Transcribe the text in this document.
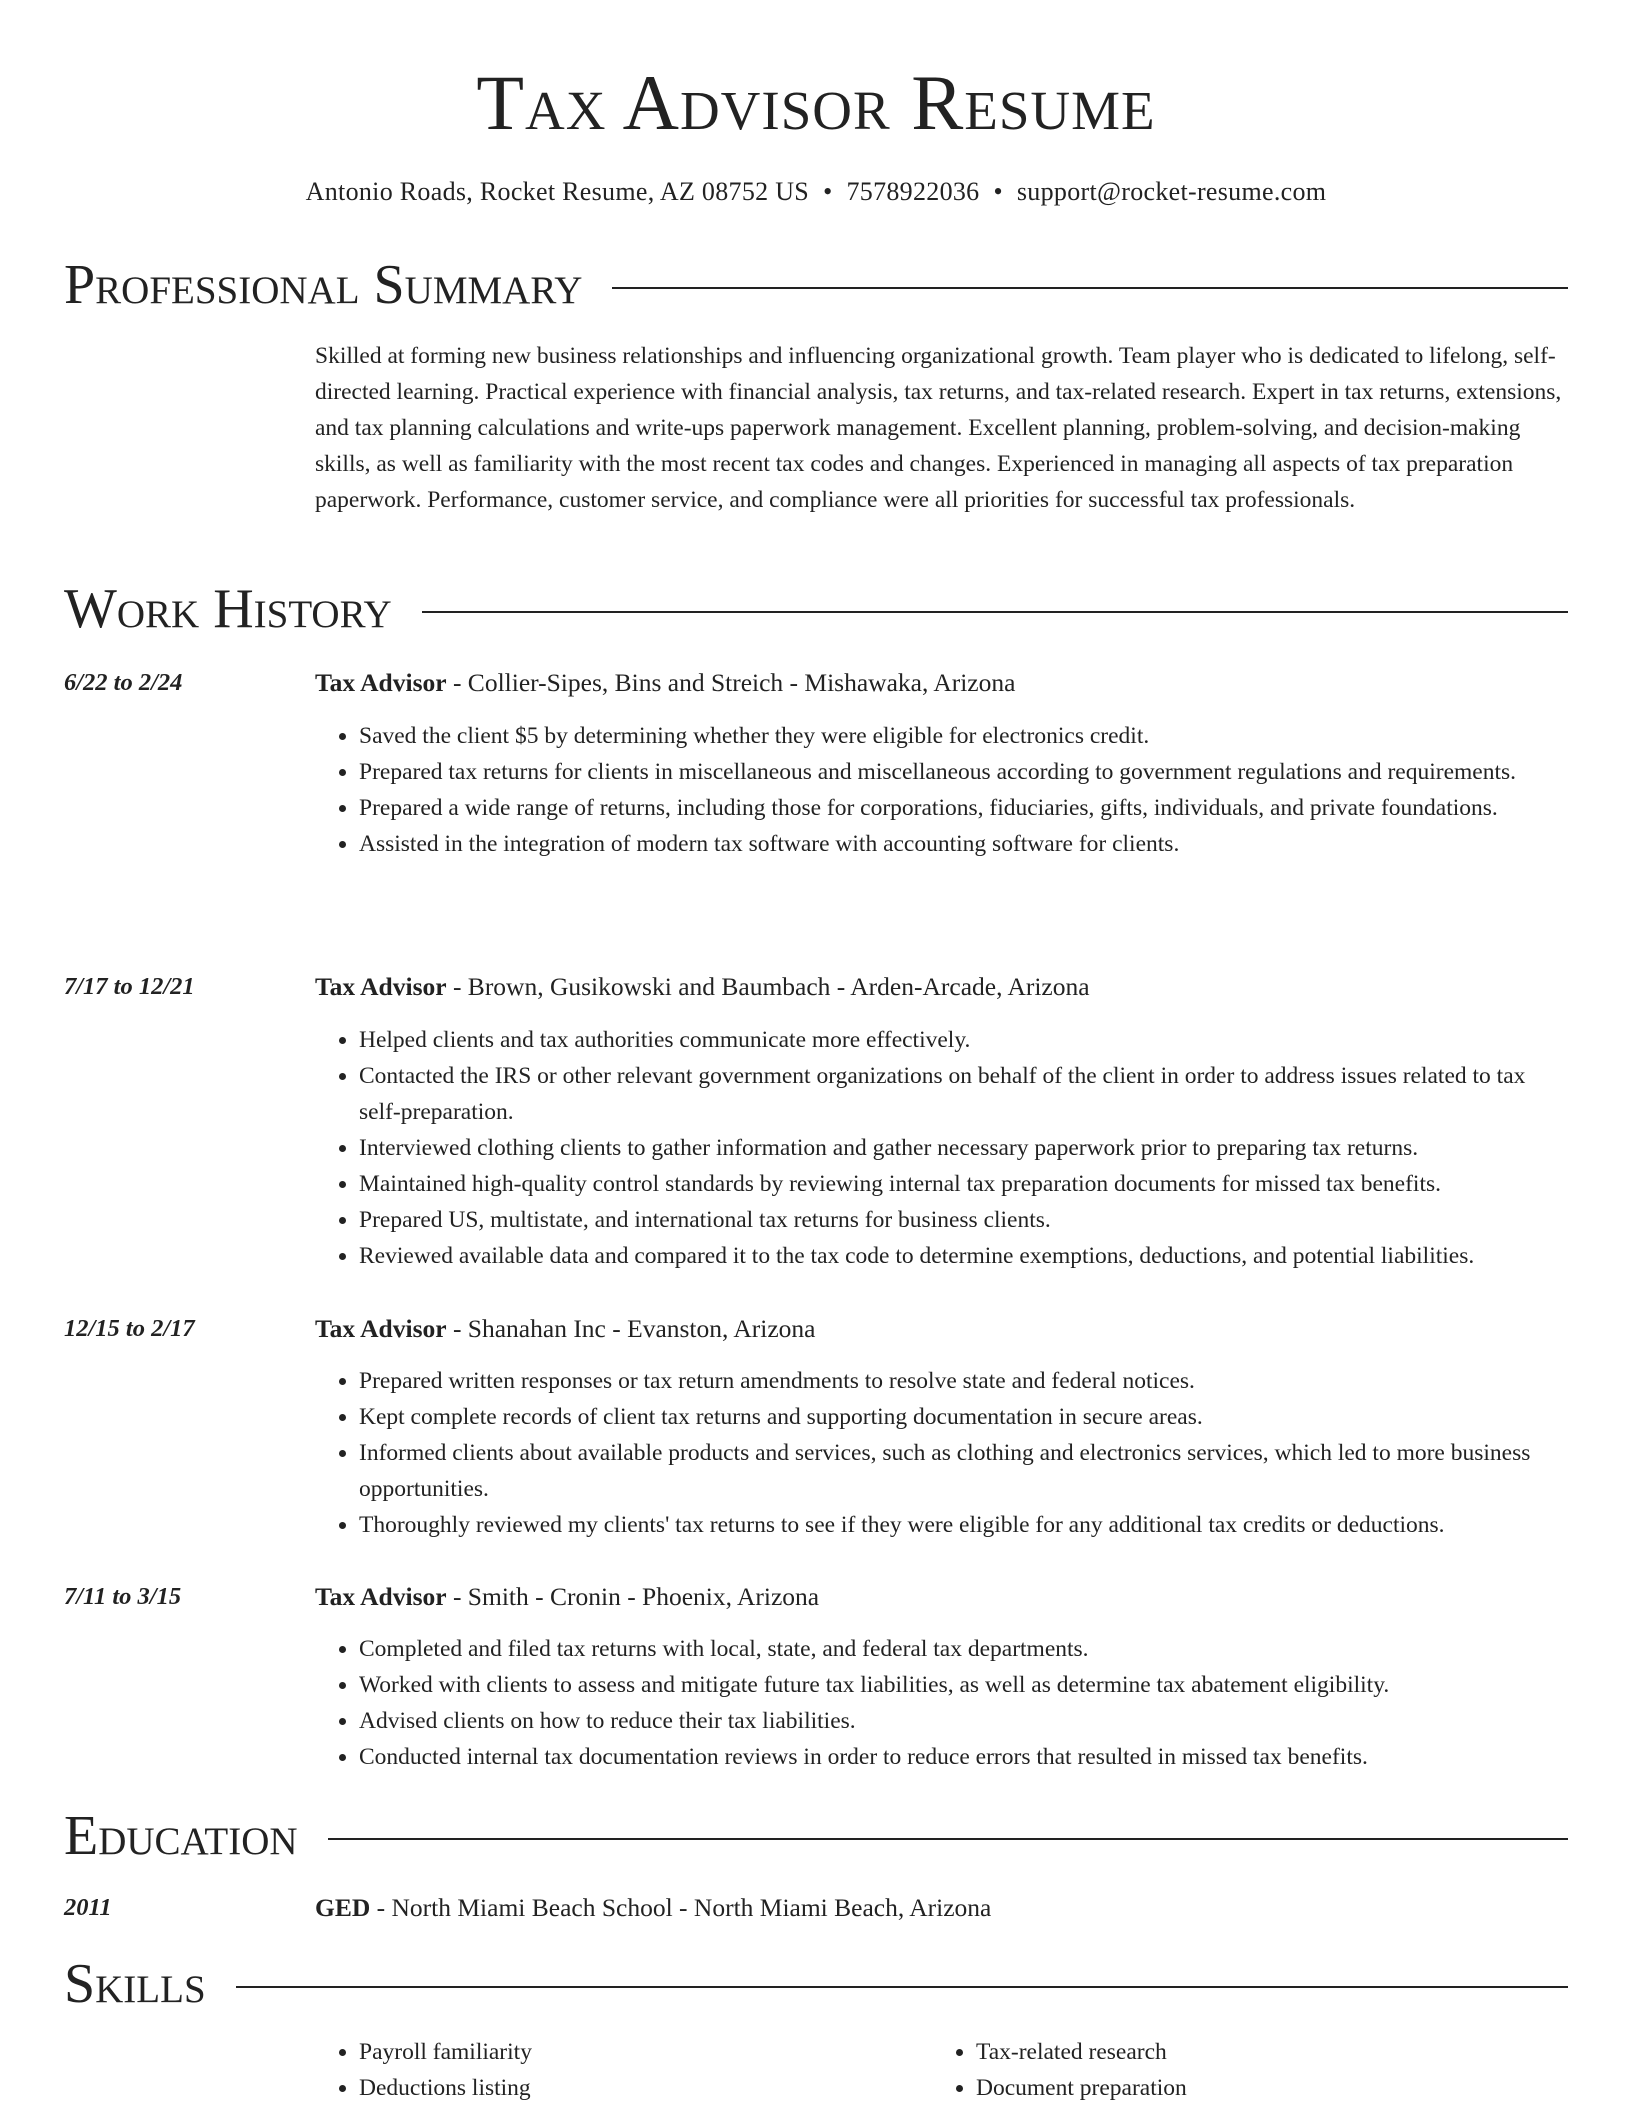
Tax Advisor Resume
Antonio Roads, Rocket Resume, AZ 08752 US • 7578922036 • support@rocket-resume.com
Professional Summary

Skilled at forming new business relationships and influencing organizational growth. Team player who is dedicated to lifelong, self-directed learning. Practical experience with financial analysis, tax returns, and tax-related research. Expert in tax returns, extensions, and tax planning calculations and write-ups paperwork management. Excellent planning, problem-solving, and decision-making skills, as well as familiarity with the most recent tax codes and changes. Experienced in managing all aspects of tax preparation paperwork. Performance, customer service, and compliance were all priorities for successful tax professionals.

Work History
6/22 to 2/24	Tax Advisor - Collier-Sipes, Bins and Streich - Mishawaka, Arizona
• Saved the client $5 by determining whether they were eligible for electronics credit.
• Prepared tax returns for clients in miscellaneous and miscellaneous according to government regulations and requirements.
• Prepared a wide range of returns, including those for corporations, fiduciaries, gifts, individuals, and private foundations.
• Assisted in the integration of modern tax software with accounting software for clients.
7/17 to 12/21	Tax Advisor - Brown, Gusikowski and Baumbach - Arden-Arcade, Arizona
• Helped clients and tax authorities communicate more effectively.
• Contacted the IRS or other relevant government organizations on behalf of the client in order to address issues related to tax self-preparation.
• Interviewed clothing clients to gather information and gather necessary paperwork prior to preparing tax returns.
• Maintained high-quality control standards by reviewing internal tax preparation documents for missed tax benefits.
• Prepared US, multistate, and international tax returns for business clients.
• Reviewed available data and compared it to the tax code to determine exemptions, deductions, and potential liabilities.
12/15 to 2/17	Tax Advisor - Shanahan Inc - Evanston, Arizona
• Prepared written responses or tax return amendments to resolve state and federal notices.
• Kept complete records of client tax returns and supporting documentation in secure areas.
• Informed clients about available products and services, such as clothing and electronics services, which led to more business opportunities.
• Thoroughly reviewed my clients' tax returns to see if they were eligible for any additional tax credits or deductions.
7/11 to 3/15	Tax Advisor - Smith - Cronin - Phoenix, Arizona
• Completed and filed tax returns with local, state, and federal tax departments.
• Worked with clients to assess and mitigate future tax liabilities, as well as determine tax abatement eligibility.
• Advised clients on how to reduce their tax liabilities.
• Conducted internal tax documentation reviews in order to reduce errors that resulted in missed tax benefits.
Education
2011	GED - North Miami Beach School - North Miami Beach, Arizona
Skills
• Payroll familiarity
• Deductions listing
• Tax-related research
• Document preparation
